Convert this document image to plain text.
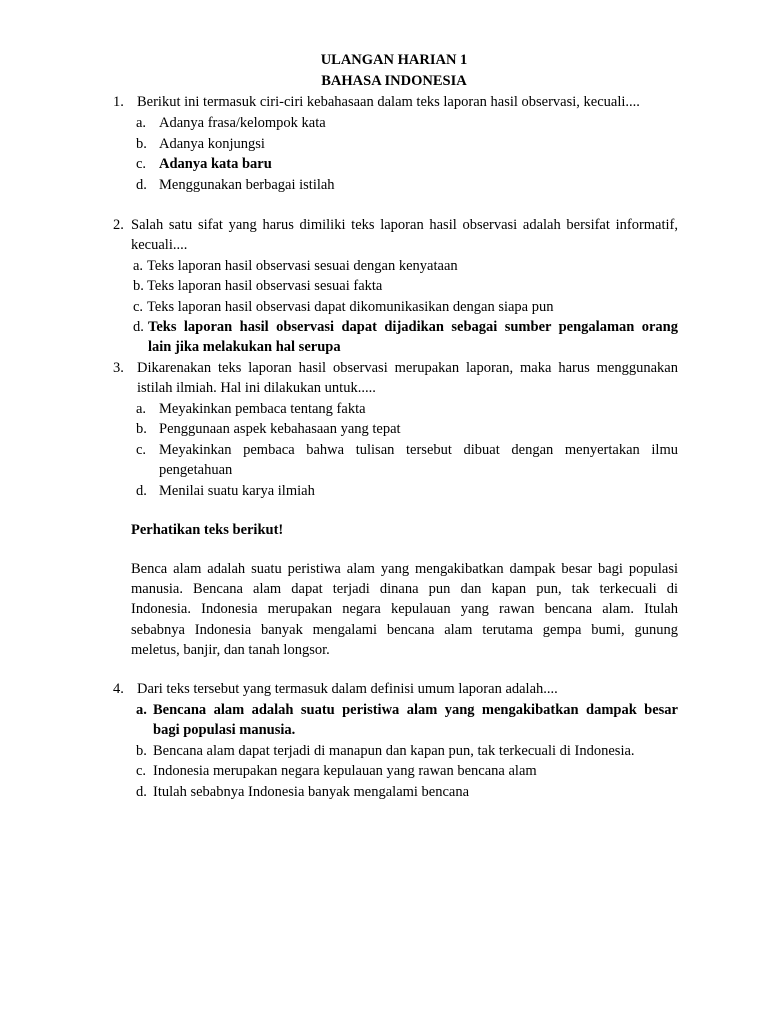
ULANGAN HARIAN 1
BAHASA INDONESIA
1. Berikut ini termasuk ciri-ciri kebahasaan dalam teks laporan hasil observasi, kecuali....
a. Adanya frasa/kelompok kata
b. Adanya konjungsi
c. Adanya kata baru
d. Menggunakan berbagai istilah
2. Salah satu sifat yang harus dimiliki teks laporan hasil observasi adalah bersifat informatif,
kecuali....
a. Teks laporan hasil observasi sesuai dengan kenyataan
b. Teks laporan hasil observasi sesuai fakta
c. Teks laporan hasil observasi dapat dikomunikasikan dengan siapa pun
d. Teks laporan hasil observasi dapat dijadikan sebagai sumber pengalaman orang
lain jika melakukan hal serupa
3. Dikarenakan teks laporan hasil observasi merupakan laporan, maka harus menggunakan
istilah ilmiah. Hal ini dilakukan untuk.....
a. Meyakinkan pembaca tentang fakta
b. Penggunaan aspek kebahasaan yang tepat
c. Meyakinkan pembaca bahwa tulisan tersebut dibuat dengan menyertakan ilmu
pengetahuan
d. Menilai suatu karya ilmiah
Perhatikan teks berikut!
Benca alam adalah suatu peristiwa alam yang mengakibatkan dampak besar bagi populasi
manusia. Bencana alam dapat terjadi dinana pun dan kapan pun, tak terkecuali di
Indonesia. Indonesia merupakan negara kepulauan yang rawan bencana alam. Itulah
sebabnya Indonesia banyak mengalami bencana alam terutama gempa bumi, gunung
meletus, banjir, dan tanah longsor.
4. Dari teks tersebut yang termasuk dalam definisi umum laporan adalah....
a. Bencana alam adalah suatu peristiwa alam yang mengakibatkan dampak besar
bagi populasi manusia.
b. Bencana alam dapat terjadi di manapun dan kapan pun, tak terkecuali di Indonesia.
c. Indonesia merupakan negara kepulauan yang rawan bencana alam
d. Itulah sebabnya Indonesia banyak mengalami bencana
